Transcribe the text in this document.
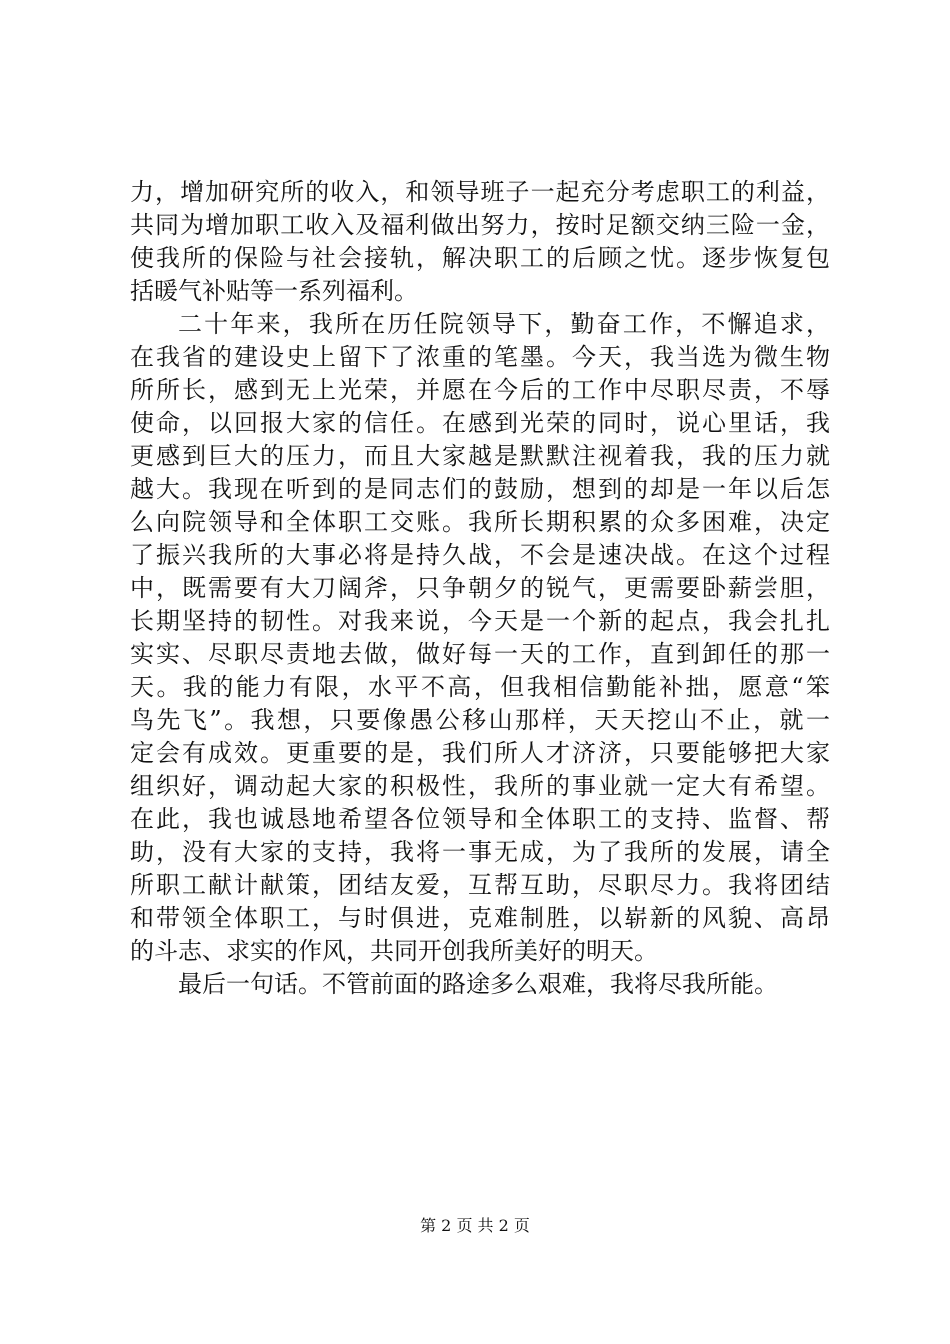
力，增加研究所的收入，和领导班子一起充分考虑职工的利益，
共同为增加职工收入及福利做出努力，按时足额交纳三险一金，
使我所的保险与社会接轨，解决职工的后顾之忧。逐步恢复包
括暖气补贴等一系列福利。
二十年来，我所在历任院领导下，勤奋工作，不懈追求，
在我省的建设史上留下了浓重的笔墨。今天，我当选为微生物
所所长，感到无上光荣，并愿在今后的工作中尽职尽责，不辱
使命，以回报大家的信任。在感到光荣的同时，说心里话，我
更感到巨大的压力，而且大家越是默默注视着我，我的压力就
越大。我现在听到的是同志们的鼓励，想到的却是一年以后怎
么向院领导和全体职工交账。我所长期积累的众多困难，决定
了振兴我所的大事必将是持久战，不会是速决战。在这个过程
中，既需要有大刀阔斧，只争朝夕的锐气，更需要卧薪尝胆，
长期坚持的韧性。对我来说，今天是一个新的起点，我会扎扎
实实、尽职尽责地去做，做好每一天的工作，直到卸任的那一
天。我的能力有限，水平不高，但我相信勤能补拙，愿意“笨
鸟先飞”。我想，只要像愚公移山那样，天天挖山不止，就一
定会有成效。更重要的是，我们所人才济济，只要能够把大家
组织好，调动起大家的积极性，我所的事业就一定大有希望。
在此，我也诚恳地希望各位领导和全体职工的支持、监督、帮
助，没有大家的支持，我将一事无成，为了我所的发展，请全
所职工献计献策，团结友爱，互帮互助，尽职尽力。我将团结
和带领全体职工，与时俱进，克难制胜，以崭新的风貌、高昂
的斗志、求实的作风，共同开创我所美好的明天。
最后一句话。不管前面的路途多么艰难，我将尽我所能。
第 2 页 共 2 页
